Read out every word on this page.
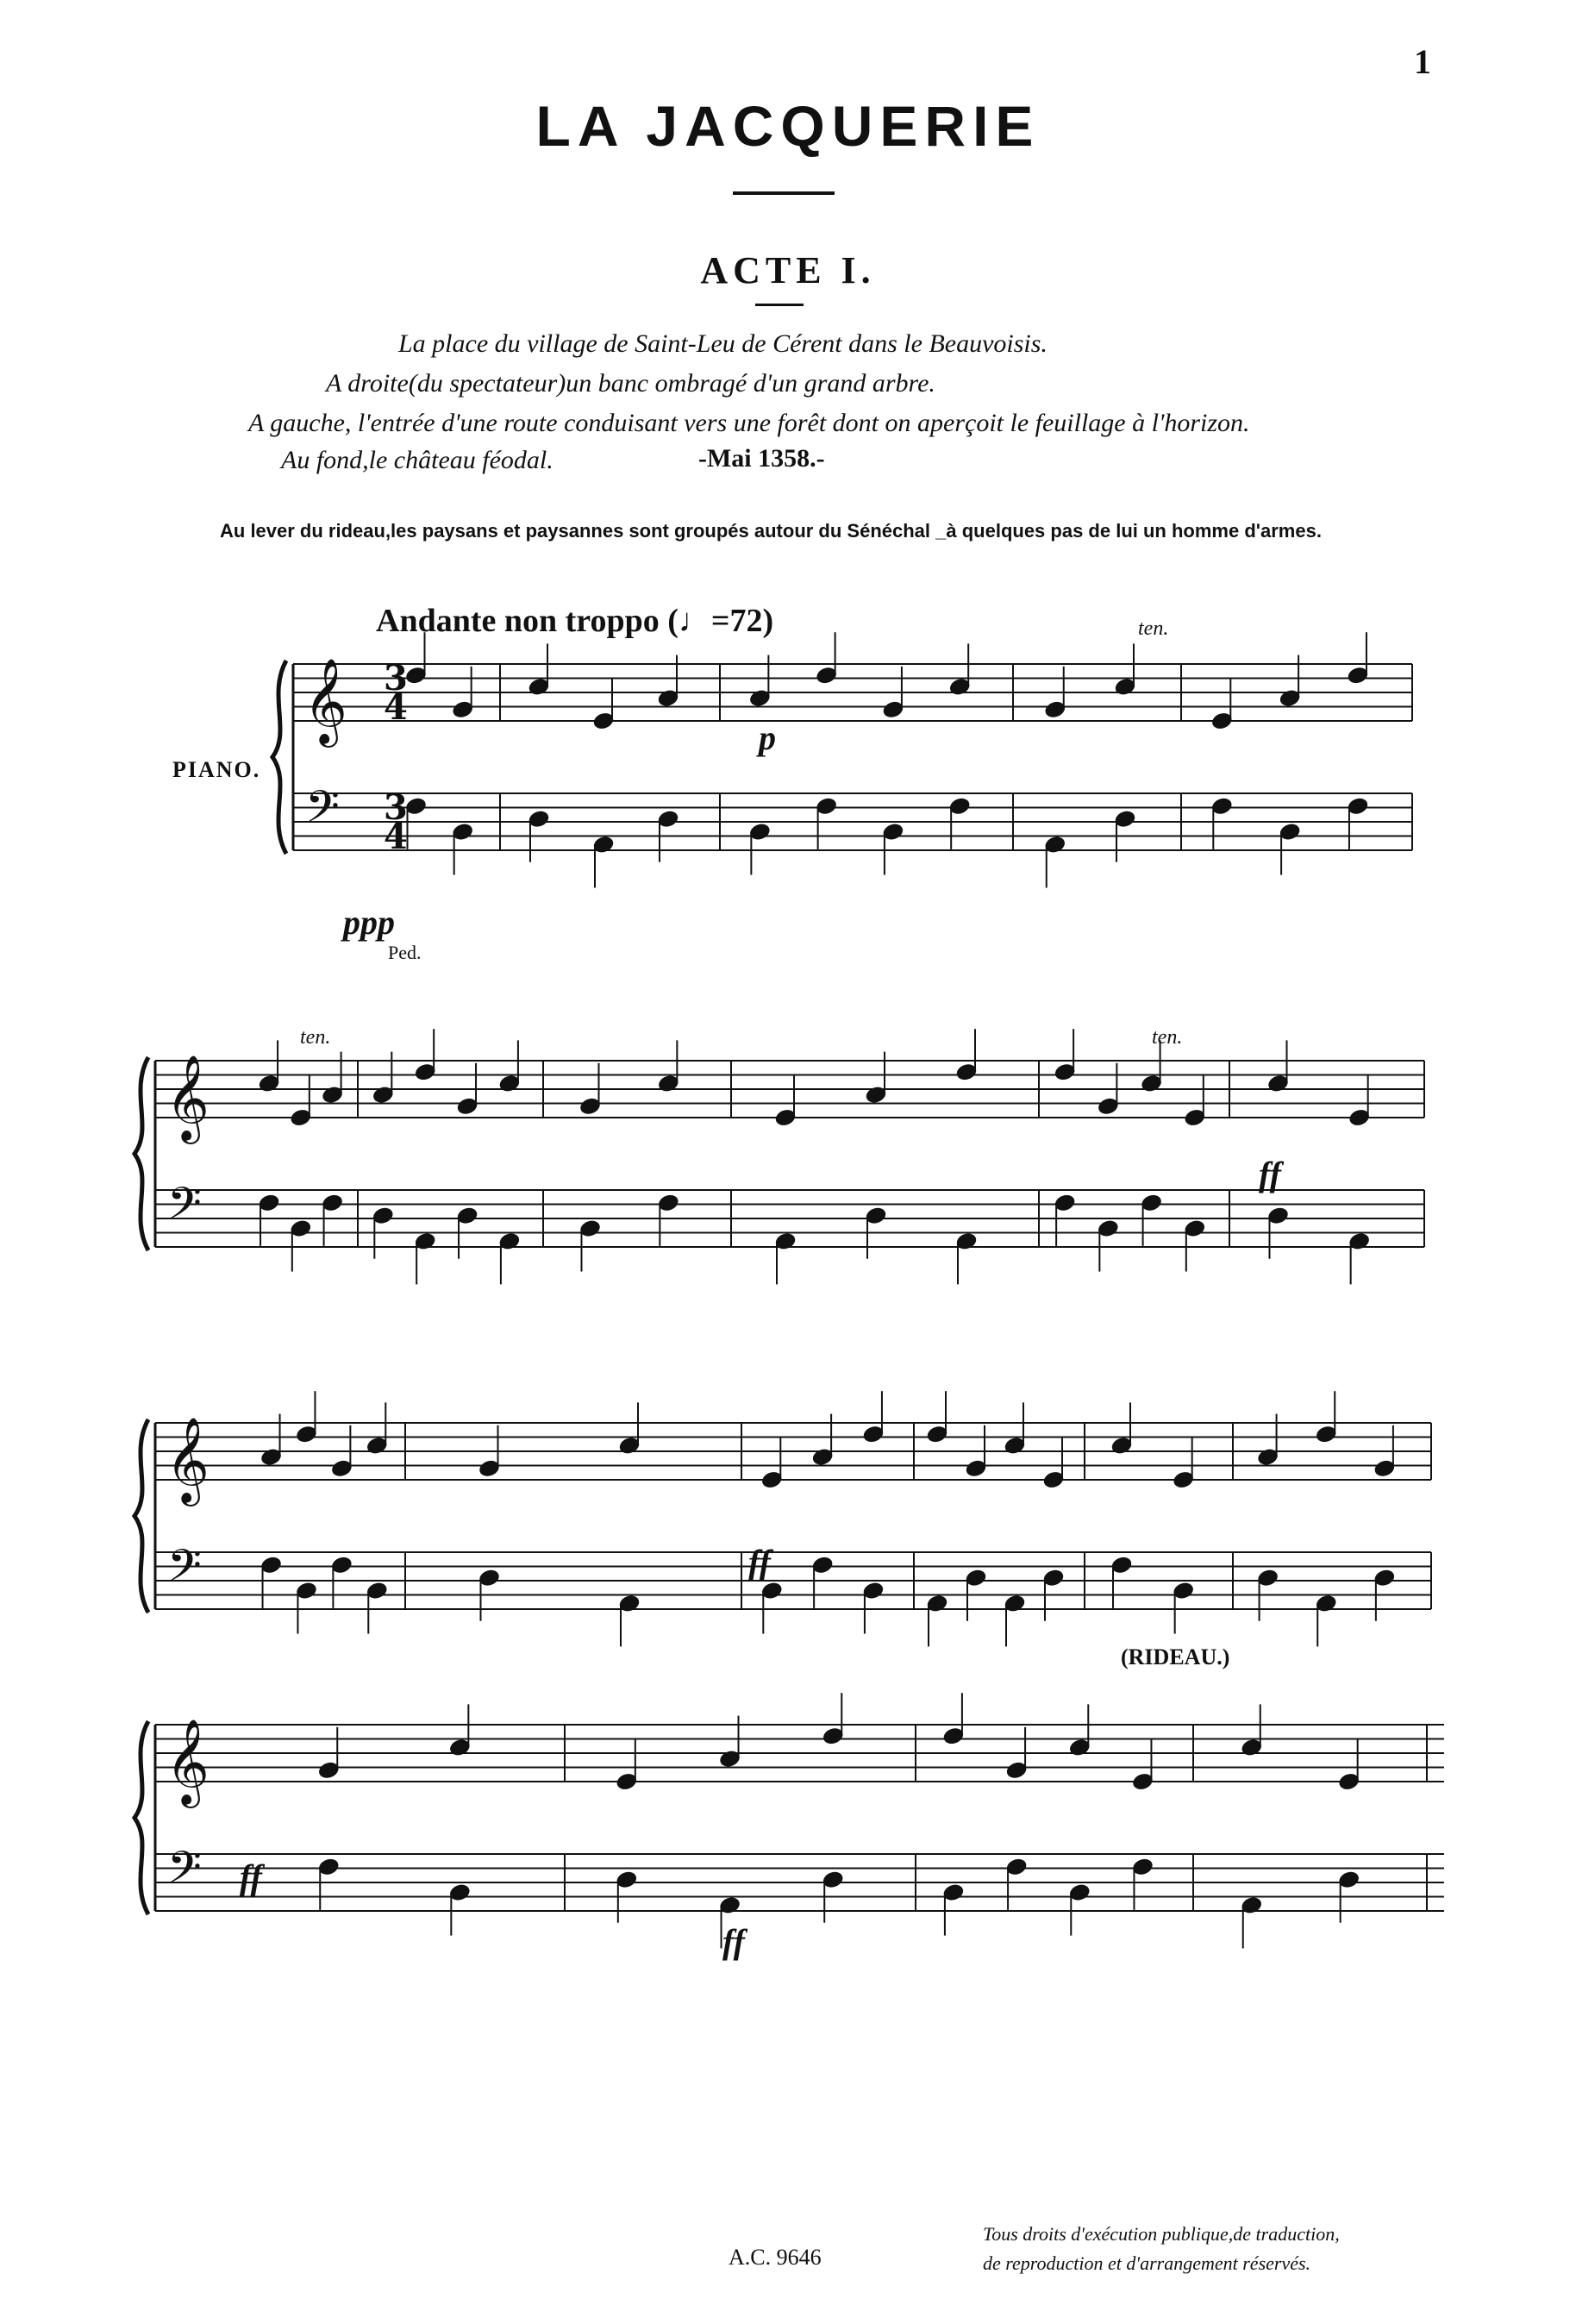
1
LA JACQUERIE
ACTE I.
La place du village de Saint-Leu de Cérent dans le Beauvoisis.
A droite(du spectateur)un banc ombragé d'un grand arbre.
A gauche, l'entrée d'une route conduisant vers une forêt dont on aperçoit le feuillage à l'horizon.
Au fond,le château féodal.	-Mai 1358.-
Au lever du rideau,les paysans et paysannes sont groupés autour du Sénéchal _à quelques pas de lui un homme d'armes.
Andante non troppo (♩=72)
PIANO.
ppp
Ped.
p
ten.
ten.	ten.
ff
ff
ff
ff
(RIDEAU.)
A.C. 9646
Tous droits d'exécution publique,de traduction,
de reproduction et d'arrangement réservés.
𝄞
𝄢
𝄞
𝄢
𝄞
𝄢
𝄞
𝄢
3
4
3
4
